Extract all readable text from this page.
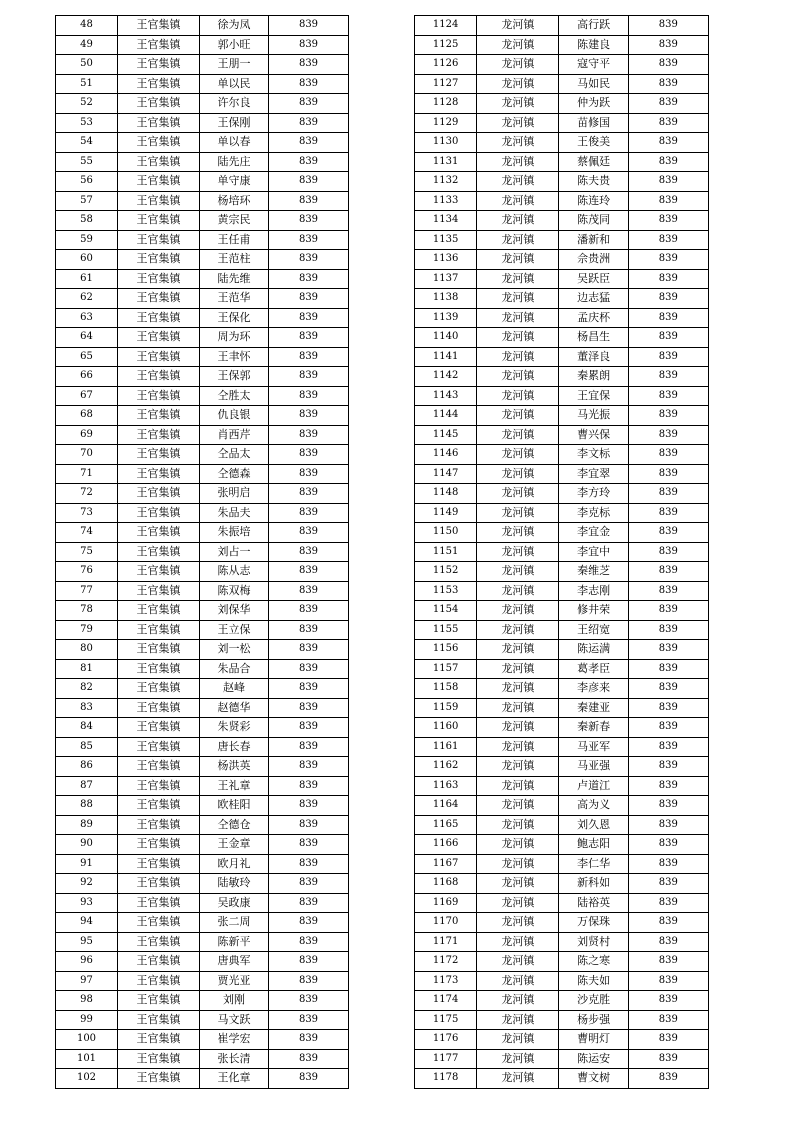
48	王官集镇	徐为凤	839
49	王官集镇	郭小旺	839
50	王官集镇	王朋一	839
51	王官集镇	单以民	839
52	王官集镇	许尔良	839
53	王官集镇	王保刚	839
54	王官集镇	单以春	839
55	王官集镇	陆先庄	839
56	王官集镇	单守康	839
57	王官集镇	杨培环	839
58	王官集镇	黄宗民	839
59	王官集镇	王任甫	839
60	王官集镇	王范柱	839
61	王官集镇	陆先维	839
62	王官集镇	王范华	839
63	王官集镇	王保化	839
64	王官集镇	周为环	839
65	王官集镇	王聿怀	839
66	王官集镇	王保郭	839
67	王官集镇	仝胜太	839
68	王官集镇	仇良银	839
69	王官集镇	肖西芹	839
70	王官集镇	仝品太	839
71	王官集镇	仝德森	839
72	王官集镇	张明启	839
73	王官集镇	朱品夫	839
74	王官集镇	朱振培	839
75	王官集镇	刘占一	839
76	王官集镇	陈从志	839
77	王官集镇	陈双梅	839
78	王官集镇	刘保华	839
79	王官集镇	王立保	839
80	王官集镇	刘一松	839
81	王官集镇	朱品合	839
82	王官集镇	赵峰	839
83	王官集镇	赵德华	839
84	王官集镇	朱贤彩	839
85	王官集镇	唐长春	839
86	王官集镇	杨洪英	839
87	王官集镇	王礼章	839
88	王官集镇	欧桂阳	839
89	王官集镇	仝德仓	839
90	王官集镇	王金章	839
91	王官集镇	欧月礼	839
92	王官集镇	陆敏玲	839
93	王官集镇	吴政康	839
94	王官集镇	张二周	839
95	王官集镇	陈新平	839
96	王官集镇	唐典军	839
97	王官集镇	贾光亚	839
98	王官集镇	刘刚	839
99	王官集镇	马文跃	839
100	王官集镇	崔学宏	839
101	王官集镇	张长清	839
102	王官集镇	王化章	839
1124	龙河镇	高行跃	839
1125	龙河镇	陈建良	839
1126	龙河镇	寇守平	839
1127	龙河镇	马如民	839
1128	龙河镇	仲为跃	839
1129	龙河镇	苗修国	839
1130	龙河镇	王俊美	839
1131	龙河镇	蔡佩廷	839
1132	龙河镇	陈夫贵	839
1133	龙河镇	陈连玲	839
1134	龙河镇	陈茂同	839
1135	龙河镇	潘新和	839
1136	龙河镇	佘贵洲	839
1137	龙河镇	吴跃臣	839
1138	龙河镇	边志猛	839
1139	龙河镇	孟庆杯	839
1140	龙河镇	杨昌生	839
1141	龙河镇	董泽良	839
1142	龙河镇	秦累朗	839
1143	龙河镇	王宜保	839
1144	龙河镇	马光振	839
1145	龙河镇	曹兴保	839
1146	龙河镇	李文标	839
1147	龙河镇	李宜翠	839
1148	龙河镇	李方玲	839
1149	龙河镇	李克标	839
1150	龙河镇	李宜金	839
1151	龙河镇	李宜中	839
1152	龙河镇	秦维芝	839
1153	龙河镇	李志刚	839
1154	龙河镇	修井荣	839
1155	龙河镇	王绍宽	839
1156	龙河镇	陈运满	839
1157	龙河镇	葛孝臣	839
1158	龙河镇	李彦来	839
1159	龙河镇	秦建亚	839
1160	龙河镇	秦新春	839
1161	龙河镇	马亚军	839
1162	龙河镇	马亚强	839
1163	龙河镇	卢道江	839
1164	龙河镇	高为义	839
1165	龙河镇	刘久恩	839
1166	龙河镇	鲍志阳	839
1167	龙河镇	李仁华	839
1168	龙河镇	新科如	839
1169	龙河镇	陆裕英	839
1170	龙河镇	万保珠	839
1171	龙河镇	刘贤村	839
1172	龙河镇	陈之寒	839
1173	龙河镇	陈夫如	839
1174	龙河镇	沙克胜	839
1175	龙河镇	杨步强	839
1176	龙河镇	曹明灯	839
1177	龙河镇	陈运安	839
1178	龙河镇	曹文树	839
